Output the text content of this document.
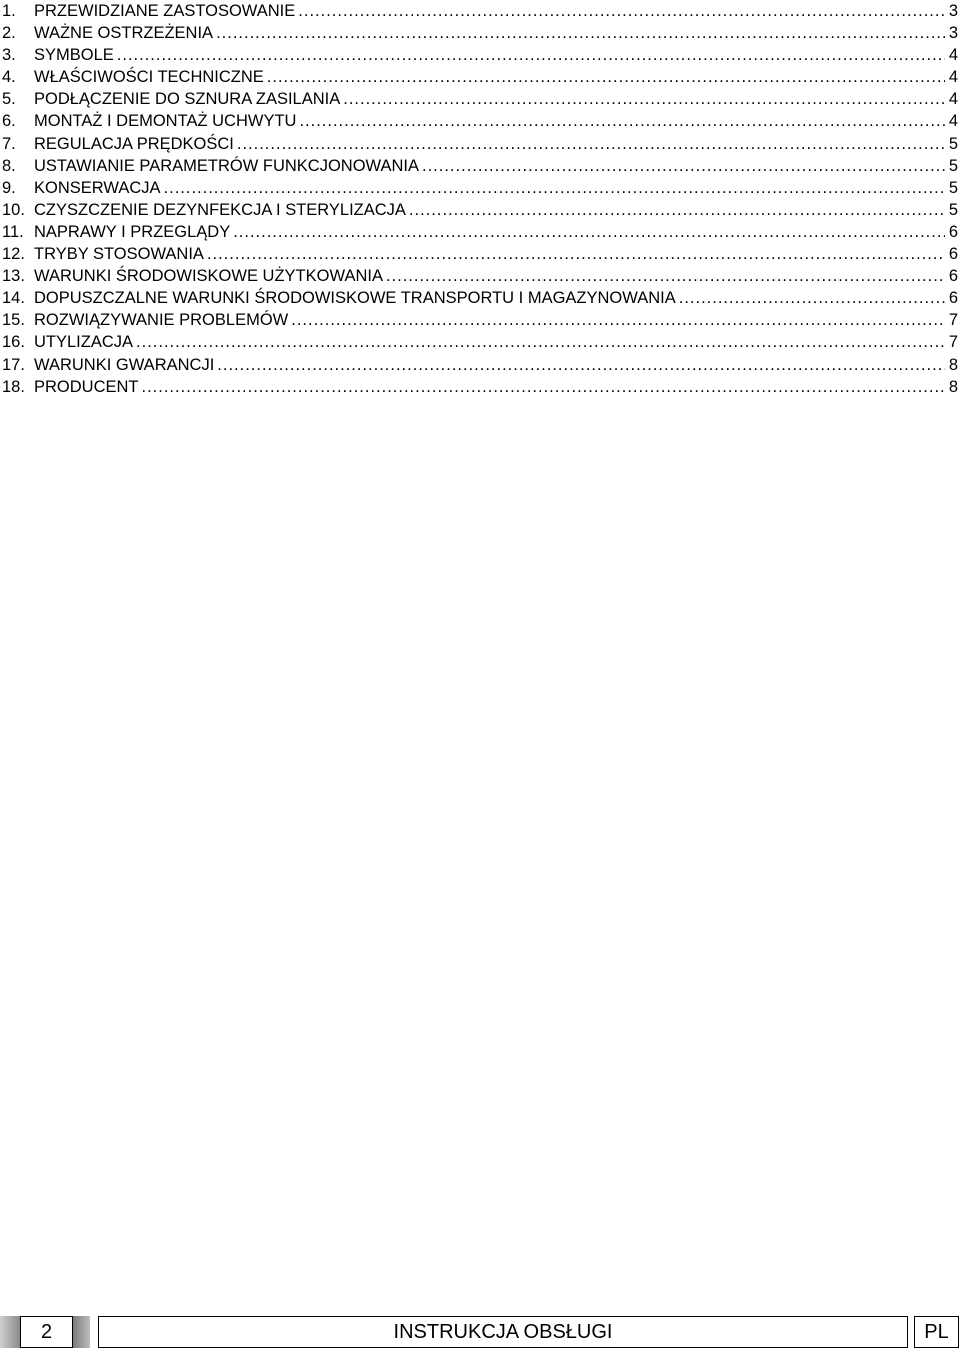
1.	PRZEWIDZIANE ZASTOSOWANIE .....	3
2.	WAŻNE OSTRZEŻENIA .....	3
3.	SYMBOLE .....	4
4.	WŁAŚCIWOŚCI TECHNICZNE .....	4
5.	PODŁĄCZENIE DO SZNURA ZASILANIA .....	4
6.	MONTAŻ I DEMONTAŻ UCHWYTU .....	4
7.	REGULACJA PRĘDKOŚCI .....	5
8.	USTAWIANIE PARAMETRÓW FUNKCJONOWANIA .....	5
9.	KONSERWACJA .....	5
10. CZYSZCZENIE DEZYNFEKCJA I STERYLIZACJA .....	5
11. NAPRAWY I PRZEGLĄDY .....	6
12. TRYBY STOSOWANIA .....	6
13. WARUNKI ŚRODOWISKOWE UŻYTKOWANIA .....	6
14. DOPUSZCZALNE WARUNKI ŚRODOWISKOWE TRANSPORTU I MAGAZYNOWANIA .....	6
15. ROZWIĄZYWANIE PROBLEMÓW .....	7
16. UTYLIZACJA .....	7
17. WARUNKI GWARANCJI .....	8
18. PRODUCENT .....	8
2	INSTRUKCJA OBSŁUGI	PL
